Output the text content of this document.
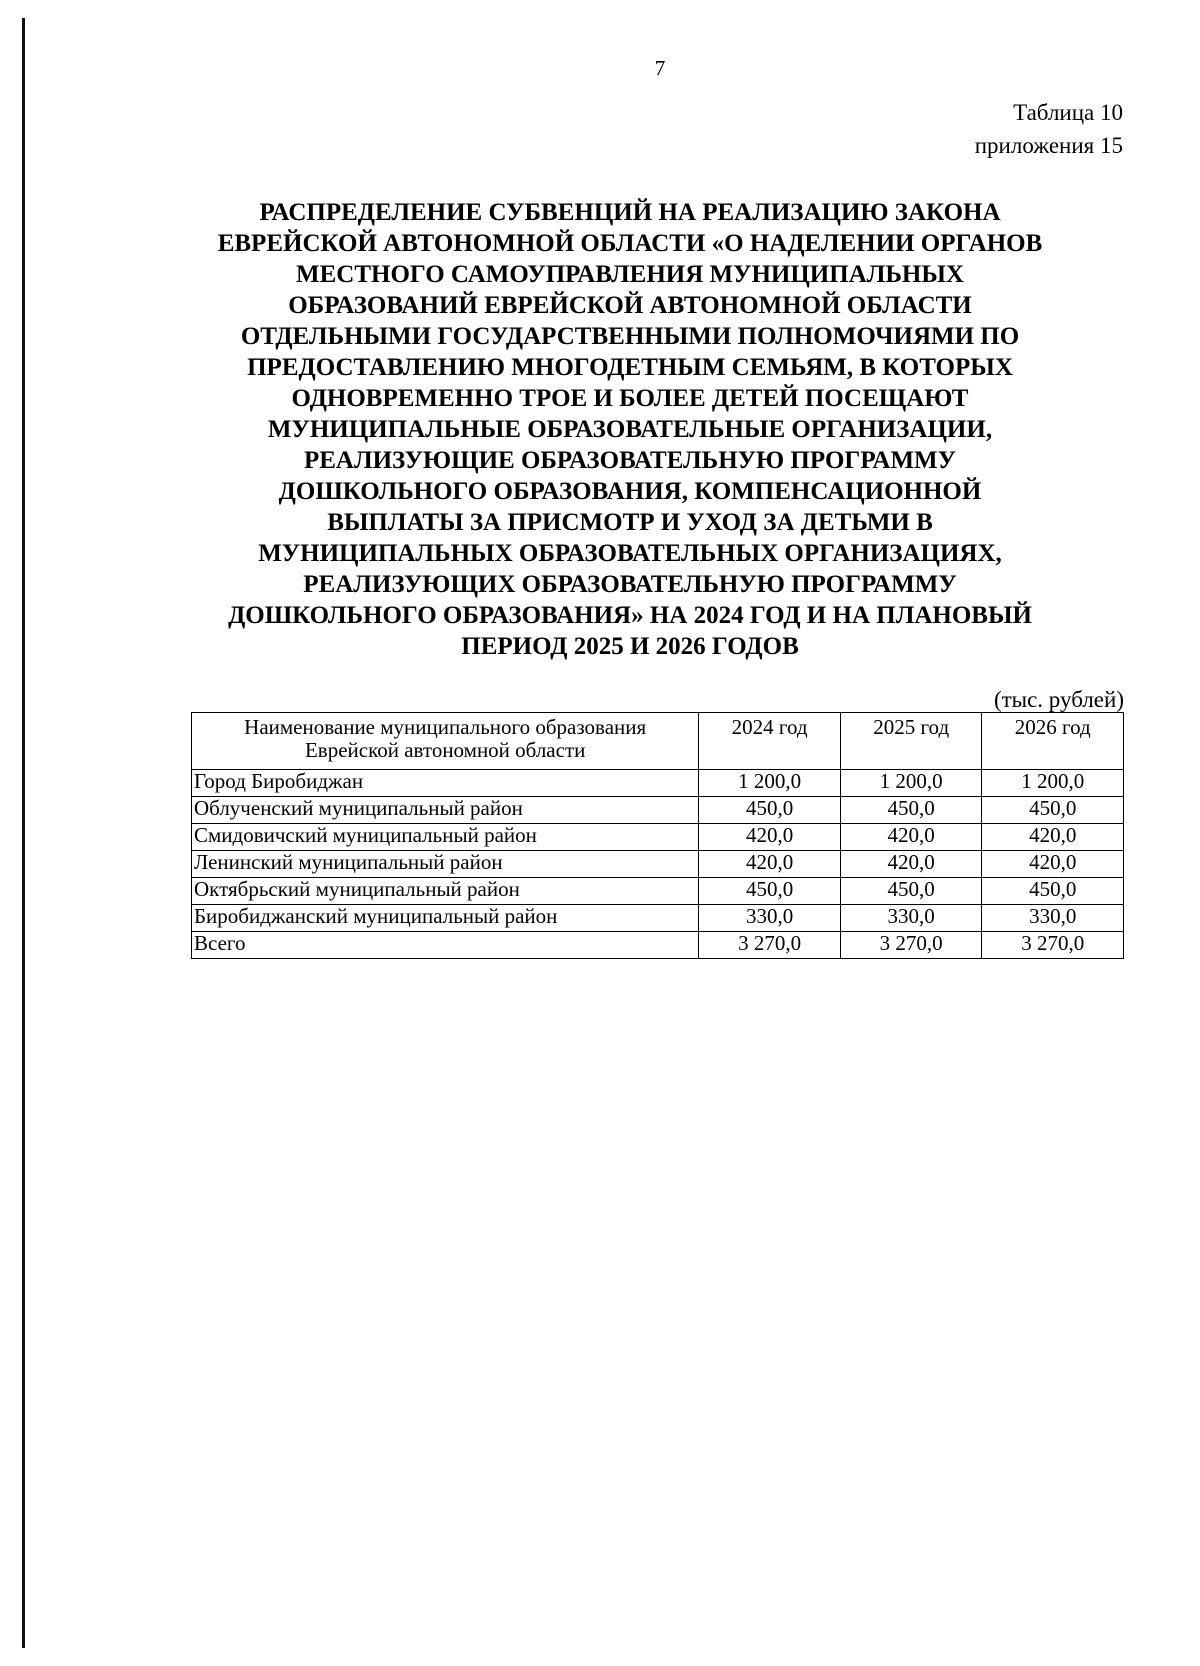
7
Таблица 10
приложения 15
РАСПРЕДЕЛЕНИЕ СУБВЕНЦИЙ НА РЕАЛИЗАЦИЮ ЗАКОНА
ЕВРЕЙСКОЙ АВТОНОМНОЙ ОБЛАСТИ «О НАДЕЛЕНИИ ОРГАНОВ
МЕСТНОГО САМОУПРАВЛЕНИЯ МУНИЦИПАЛЬНЫХ
ОБРАЗОВАНИЙ ЕВРЕЙСКОЙ АВТОНОМНОЙ ОБЛАСТИ
ОТДЕЛЬНЫМИ ГОСУДАРСТВЕННЫМИ ПОЛНОМОЧИЯМИ ПО
ПРЕДОСТАВЛЕНИЮ МНОГОДЕТНЫМ СЕМЬЯМ, В КОТОРЫХ
ОДНОВРЕМЕННО ТРОЕ И БОЛЕЕ ДЕТЕЙ ПОСЕЩАЮТ
МУНИЦИПАЛЬНЫЕ ОБРАЗОВАТЕЛЬНЫЕ ОРГАНИЗАЦИИ,
РЕАЛИЗУЮЩИЕ ОБРАЗОВАТЕЛЬНУЮ ПРОГРАММУ
ДОШКОЛЬНОГО ОБРАЗОВАНИЯ, КОМПЕНСАЦИОННОЙ
ВЫПЛАТЫ ЗА ПРИСМОТР И УХОД ЗА ДЕТЬМИ В
МУНИЦИПАЛЬНЫХ ОБРАЗОВАТЕЛЬНЫХ ОРГАНИЗАЦИЯХ,
РЕАЛИЗУЮЩИХ ОБРАЗОВАТЕЛЬНУЮ ПРОГРАММУ
ДОШКОЛЬНОГО ОБРАЗОВАНИЯ» НА 2024 ГОД И НА ПЛАНОВЫЙ
ПЕРИОД 2025 И 2026 ГОДОВ
(тыс. рублей)
Наименование муниципального образования
Еврейской автономной области	2024 год	2025 год	2026 год
Город Биробиджан	1 200,0	1 200,0	1 200,0
Облученский муниципальный район	450,0	450,0	450,0
Смидовичский муниципальный район	420,0	420,0	420,0
Ленинский муниципальный район	420,0	420,0	420,0
Октябрьский муниципальный район	450,0	450,0	450,0
Биробиджанский муниципальный район	330,0	330,0	330,0
Всего	3 270,0	3 270,0	3 270,0
